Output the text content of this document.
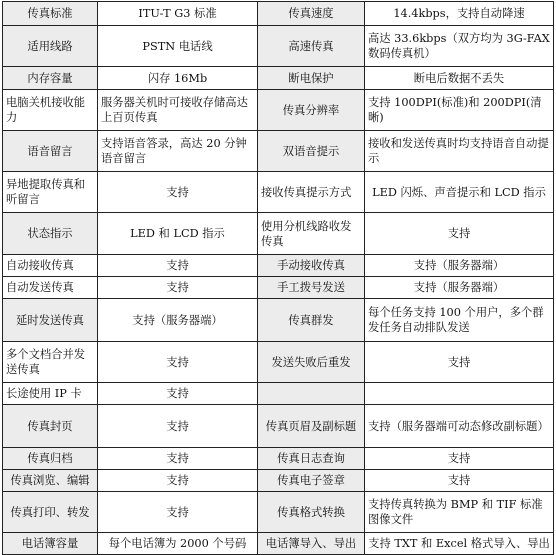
传真标准	ITU-T G3 标准	传真速度	14.4kbps，支持自动降速
适用线路	PSTN 电话线	高速传真	高达 33.6kbps（双方均为 3G-FAX 数码传真机）
内存容量	闪存 16Mb	断电保护	断电后数据不丢失
电脑关机接收能力	服务器关机时可接收存储高达上百页传真	传真分辨率	支持 100DPI(标准)和 200DPI(清晰)
语音留言	支持语音答录，高达 20 分钟语音留言	双语音提示	接收和发送传真时均支持语音自动提示
异地提取传真和听留言	支持	接收传真提示方式	LED 闪烁、声音提示和 LCD 指示
状态指示	LED 和 LCD 指示	使用分机线路收发传真	支持
自动接收传真	支持	手动接收传真	支持（服务器端）
自动发送传真	支持	手工拨号发送	支持（服务器端）
延时发送传真	支持（服务器端）	传真群发	每个任务支持 100 个用户，多个群发任务自动排队发送
多个文档合并发送传真	支持	发送失败后重发	支持
长途使用 IP 卡	支持		
传真封页	支持	传真页眉及副标题	支持（服务器端可动态修改副标题）
传真归档	支持	传真日志查询	支持
传真浏览、编辑	支持	传真电子签章	支持
传真打印、转发	支持	传真格式转换	支持传真转换为 BMP 和 TIF 标准图像文件
电话簿容量	每个电话簿为 2000 个号码	电话簿导入、导出	支持 TXT 和 Excel 格式导入、导出
